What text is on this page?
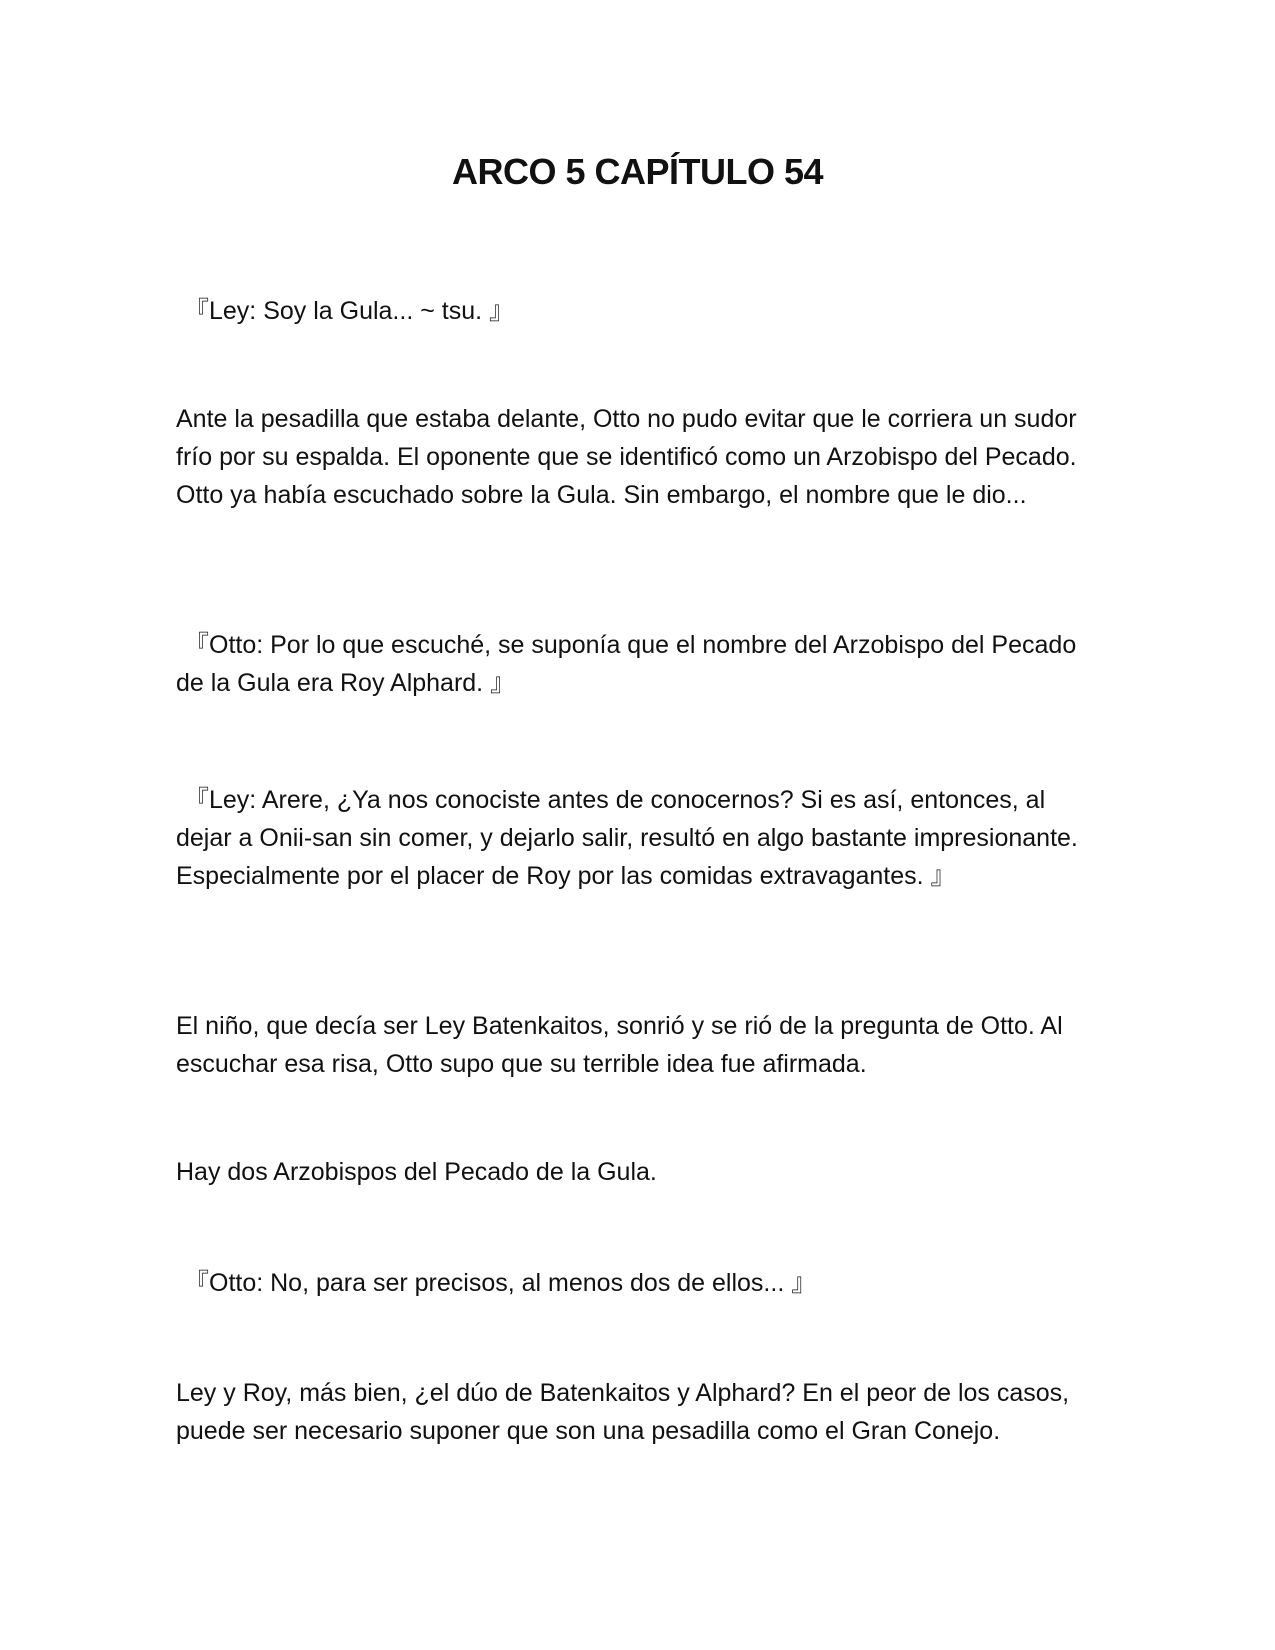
ARCO 5 CAPÍTULO 54

『Ley: Soy la Gula... ~ tsu. 』

Ante la pesadilla que estaba delante, Otto no pudo evitar que le corriera un sudor frío por su espalda. El oponente que se identificó como un Arzobispo del Pecado. Otto ya había escuchado sobre la Gula. Sin embargo, el nombre que le dio...

『Otto: Por lo que escuché, se suponía que el nombre del Arzobispo del Pecado de la Gula era Roy Alphard. 』

『Ley: Arere, ¿Ya nos conociste antes de conocernos? Si es así, entonces, al dejar a Onii-san sin comer, y dejarlo salir, resultó en algo bastante impresionante. Especialmente por el placer de Roy por las comidas extravagantes. 』

El niño, que decía ser Ley Batenkaitos, sonrió y se rió de la pregunta de Otto. Al escuchar esa risa, Otto supo que su terrible idea fue afirmada.

Hay dos Arzobispos del Pecado de la Gula.

『Otto: No, para ser precisos, al menos dos de ellos... 』

Ley y Roy, más bien, ¿el dúo de Batenkaitos y Alphard? En el peor de los casos, puede ser necesario suponer que son una pesadilla como el Gran Conejo.
